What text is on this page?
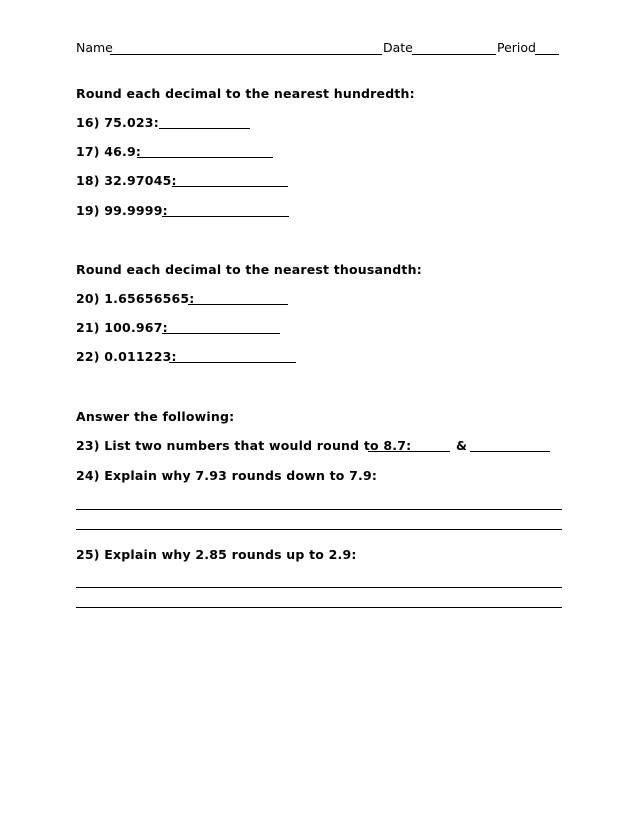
Name	Date	Period
Round each decimal to the nearest hundredth:
16) 75.023:
17) 46.9:
18) 32.97045:
19) 99.9999:
Round each decimal to the nearest thousandth:
20) 1.65656565:
21) 100.967:
22) 0.011223:
Answer the following:
23) List two numbers that would round to 8.7:	&
24) Explain why 7.93 rounds down to 7.9:
25) Explain why 2.85 rounds up to 2.9:
